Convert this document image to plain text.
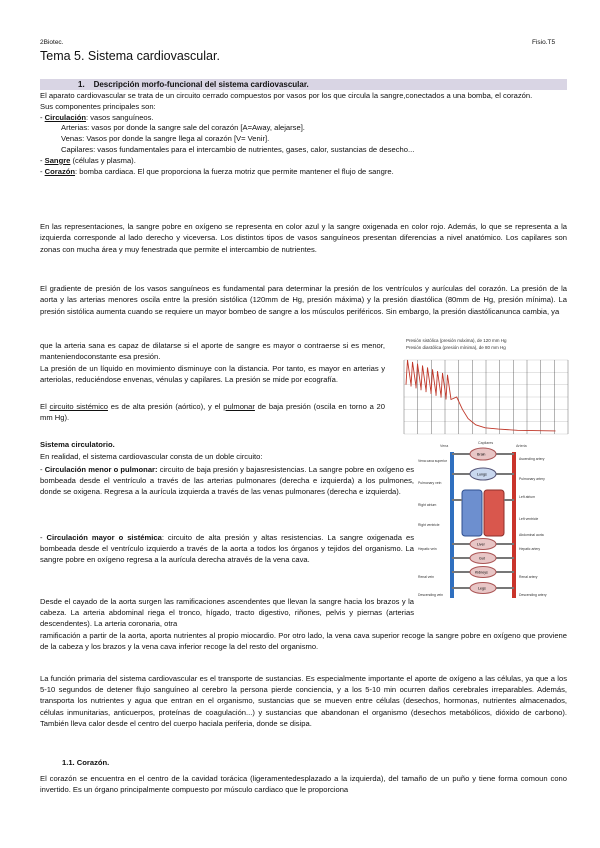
2Biotec.	Fisio.T5
Tema 5. Sistema cardiovascular.
1. Descripción morfo-funcional del sistema cardiovascular.
El aparato cardiovascular se trata de un circuito cerrado compuestos por vasos por los que circula la sangre,conectados a una bomba, el corazón.
Sus componentes principales son:
- Circulación: vasos sanguíneos.

Arterias: vasos por donde la sangre sale del corazón [A=Away, alejarse].
Venas: Vasos por donde la sangre llega al corazón [V= Venir].
Capilares: vasos fundamentales para el intercambio de nutrientes, gases, calor, sustancias de desecho...
- Sangre (células y plasma).
- Corazón: bomba cardiaca. El que proporciona la fuerza motriz que permite mantener el flujo de sangre.

En las representaciones, la sangre pobre en oxígeno se representa en color azul y la sangre oxigenada en color rojo. Además, lo que se representa a la izquierda corresponde al lado derecho y viceversa. Los distintos tipos de vasos sanguíneos presentan diferencias a nivel anatómico. Los capilares son zonas con mucha área y muy fenestrada que permite el intercambio de nutrientes.

El gradiente de presión de los vasos sanguíneos es fundamental para determinar la presión de los ventrículos y aurículas del corazón. La presión de la aorta y las arterias menores oscila entre la presión sistólica (120mm de Hg, presión máxima) y la presión diastólica (80mm de Hg, presión mínima). La presión sistólica aumenta cuando se requiere un mayor bombeo de sangre a los músculos periféricos. Sin embargo, la presión diastólicanunca cambia, ya

que la arteria sana es capaz de dilatarse si el aporte de sangre es mayor o contraerse si es menor, manteniendoconstante esa presión.

La presión de un líquido en movimiento disminuye con la distancia. Por tanto, es mayor en arterias y arteriolas, reduciéndose envenas, vénulas y capilares. La presión se mide por ecografía.

El circuito sistémico es de alta presión (aórtico), y el pulmonar de baja presión (oscila en torno a 20 mm Hg).

Presión sistólica (presión máxima), de 120 mm Hg
Presión diastólica (presión mínima), de 80 mm Hg
Sistema circulatorio.

En realidad, el sistema cardiovascular consta de un doble circuito:

- Circulación menor o pulmonar: circuito de baja presión y bajasresistencias. La sangre pobre en oxígeno es bombeada desde el ventrículo a través de las arterias pulmonares (derecha e izquierda) a los pulmones, donde se oxigena. Regresa a la aurícula izquierda a través de las venas pulmonares (derecha e izquierda).

- Circulación mayor o sistémica: circuito de alta presión y altas resistencias. La sangre oxigenada es bombeada desde el ventrículo izquierdo a través de la aorta a todos los órganos y tejidos del organismo. La sangre pobre en oxígeno regresa a la aurícula derecha através de la vena cava.

Desde el cayado de la aorta surgen las ramificaciones ascendentes que llevan la sangre hacia los brazos y la cabeza. La arteria abdominal riega el tronco, hígado, tracto digestivo, riñones, pelvis y piernas (arterias descendentes). La arteria coronaria, otra

ramificación a partir de la aorta, aporta nutrientes al propio miocardio. Por otro lado, la vena cava superior recoge la sangre pobre en oxígeno que proviene de la cabeza y los brazos y la vena cava inferior recoge la del resto del organismo.

Vena
Capilares
Arteria
Brain
Lungs
Liver
Gut
Kidneys
Legs
Vena cava superior
Pulmonary vein
Right atrium
Right ventricle
Hepatic vein
Renal vein
Descending vein
Ascending artery
Pulmonary artery
Left atrium
Left ventricle
Abdominal aorta
Hepatic artery
Renal artery
Descending artery

La función primaria del sistema cardiovascular es el transporte de sustancias. Es especialmente importante el aporte de oxígeno a las células, ya que a los 5-10 segundos de detener flujo sanguíneo al cerebro la persona pierde conciencia, y a los 5-10 min ocurren daños cerebrales irreparables. Además, transporta los nutrientes y agua que entran en el organismo, sustancias que se mueven entre células (desechos, hormonas, nutrientes almacenados, células inmunitarias, anticuerpos, proteínas de coagulación...) y sustancias que abandonan el organismo (desechos metabólicos, dióxido de carbono). También lleva calor desde el centro del cuerpo haciala periferia, donde se disipa.

1.1. Corazón.

El corazón se encuentra en el centro de la cavidad torácica (ligeramentedesplazado a la izquierda), del tamaño de un puño y tiene forma comoun cono invertido. Es un órgano principalmente compuesto por músculo cardiaco que le proporciona
